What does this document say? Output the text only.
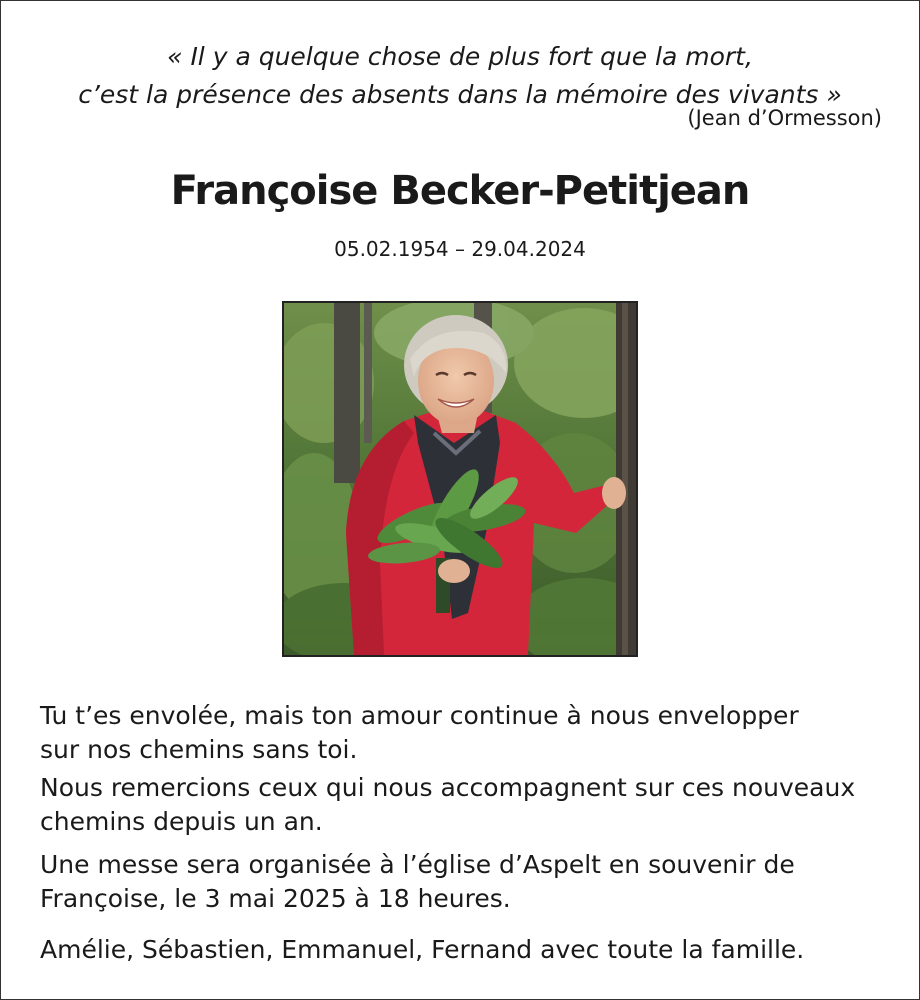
« Il y a quelque chose de plus fort que la mort,
c’est la présence des absents dans la mémoire des vivants »
(Jean d’Ormesson)
Françoise Becker-Petitjean
05.02.1954 – 29.04.2024
Tu t’es envolée, mais ton amour continue à nous envelopper
sur nos chemins sans toi.
Nous remercions ceux qui nous accompagnent sur ces nouveaux
chemins depuis un an.
Une messe sera organisée à l’église d’Aspelt en souvenir de
Françoise, le 3 mai 2025 à 18 heures.
Amélie, Sébastien, Emmanuel, Fernand avec toute la famille.
